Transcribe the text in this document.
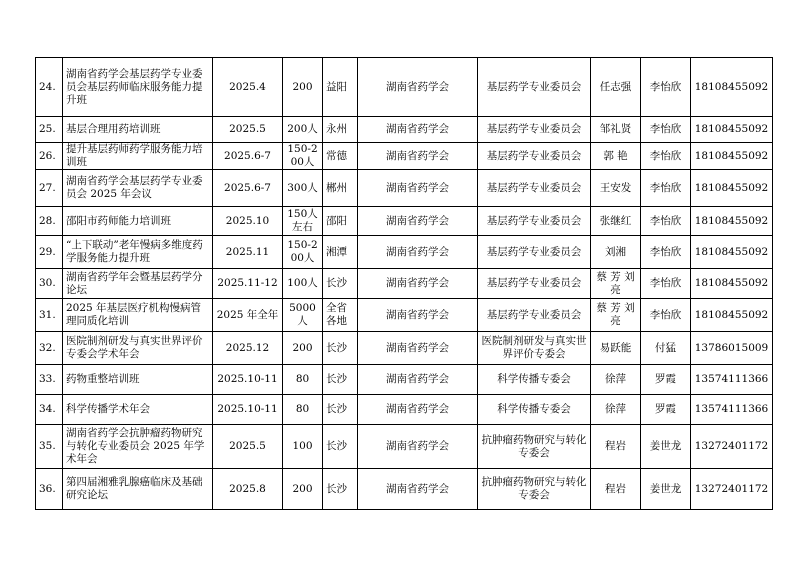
24.	湖南省药学会基层药学专业委员会基层药师临床服务能力提升班	2025.4	200	益阳	湖南省药学会	基层药学专业委员会	任志强	李怡欣	18108455092
25.	基层合理用药培训班	2025.5	200人	永州	湖南省药学会	基层药学专业委员会	邹礼贤	李怡欣	18108455092
26.	提升基层药师药学服务能力培训班	2025.6-7	150-200人	常德	湖南省药学会	基层药学专业委员会	郭 艳	李怡欣	18108455092
27.	湖南省药学会基层药学专业委员会 2025 年会议	2025.6-7	300人	郴州	湖南省药学会	基层药学专业委员会	王安发	李怡欣	18108455092
28.	邵阳市药师能力培训班	2025.10	150人左右	邵阳	湖南省药学会	基层药学专业委员会	张继红	李怡欣	18108455092
29.	“上下联动”老年慢病多维度药学服务能力提升班	2025.11	150-200人	湘潭	湖南省药学会	基层药学专业委员会	刘湘	李怡欣	18108455092
30.	湖南省药学年会暨基层药学分论坛	2025.11-12	100人	长沙	湖南省药学会	基层药学专业委员会	蔡 芳 刘 亮	李怡欣	18108455092
31.	2025 年基层医疗机构慢病管理同质化培训	2025 年全年	5000人	全省各地	湖南省药学会	基层药学专业委员会	蔡 芳 刘 亮	李怡欣	18108455092
32.	医院制剂研发与真实世界评价专委会学术年会	2025.12	200	长沙	湖南省药学会	医院制剂研发与真实世界评价专委会	易跃能	付猛	13786015009
33.	药物重整培训班	2025.10-11	80	长沙	湖南省药学会	科学传播专委会	徐萍	罗霞	13574111366
34.	科学传播学术年会	2025.10-11	80	长沙	湖南省药学会	科学传播专委会	徐萍	罗霞	13574111366
35.	湖南省药学会抗肿瘤药物研究与转化专业委员会 2025 年学术年会	2025.5	100	长沙	湖南省药学会	抗肿瘤药物研究与转化专委会	程岩	姜世龙	13272401172
36.	第四届湘雅乳腺癌临床及基础研究论坛	2025.8	200	长沙	湖南省药学会	抗肿瘤药物研究与转化专委会	程岩	姜世龙	13272401172
